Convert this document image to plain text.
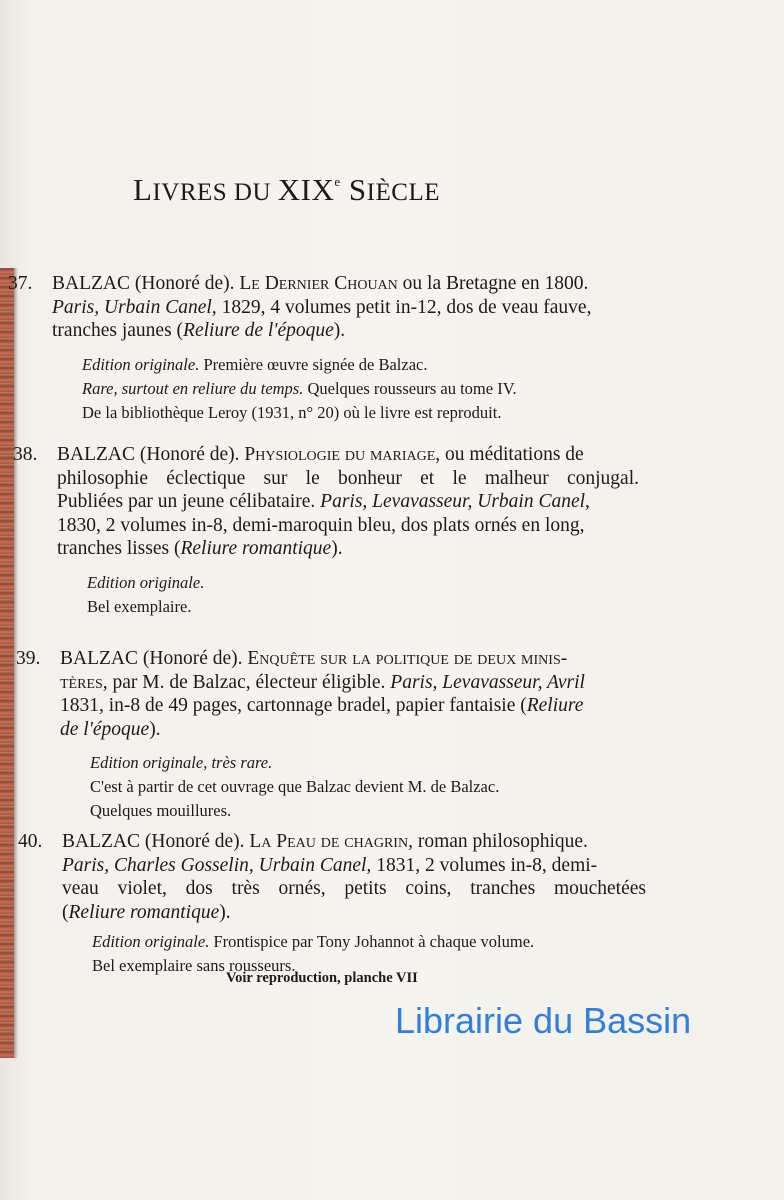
LIVRES DU XIXe SIÈCLE
37. BALZAC (Honoré de). Le Dernier Chouan ou la Bretagne en 1800.
Paris, Urbain Canel, 1829, 4 volumes petit in-12, dos de veau fauve,
tranches jaunes (Reliure de l'époque).
Edition originale. Première œuvre signée de Balzac.
Rare, surtout en reliure du temps. Quelques rousseurs au tome IV.
De la bibliothèque Leroy (1931, n° 20) où le livre est reproduit.
38. BALZAC (Honoré de). Physiologie du mariage, ou méditations de
philosophie éclectique sur le bonheur et le malheur conjugal.
Publiées par un jeune célibataire. Paris, Levavasseur, Urbain Canel,
1830, 2 volumes in-8, demi-maroquin bleu, dos plats ornés en long,
tranches lisses (Reliure romantique).
Edition originale.
Bel exemplaire.
39. BALZAC (Honoré de). Enquête sur la politique de deux minis-
tères, par M. de Balzac, électeur éligible. Paris, Levavasseur, Avril
1831, in-8 de 49 pages, cartonnage bradel, papier fantaisie (Reliure
de l'époque).
Edition originale, très rare.
C'est à partir de cet ouvrage que Balzac devient M. de Balzac.
Quelques mouillures.
40. BALZAC (Honoré de). La Peau de chagrin, roman philosophique.
Paris, Charles Gosselin, Urbain Canel, 1831, 2 volumes in-8, demi-
veau violet, dos très ornés, petits coins, tranches mouchetées
(Reliure romantique).
Edition originale. Frontispice par Tony Johannot à chaque volume.
Bel exemplaire sans rousseurs.
Voir reproduction, planche VII
Librairie du Bassin
